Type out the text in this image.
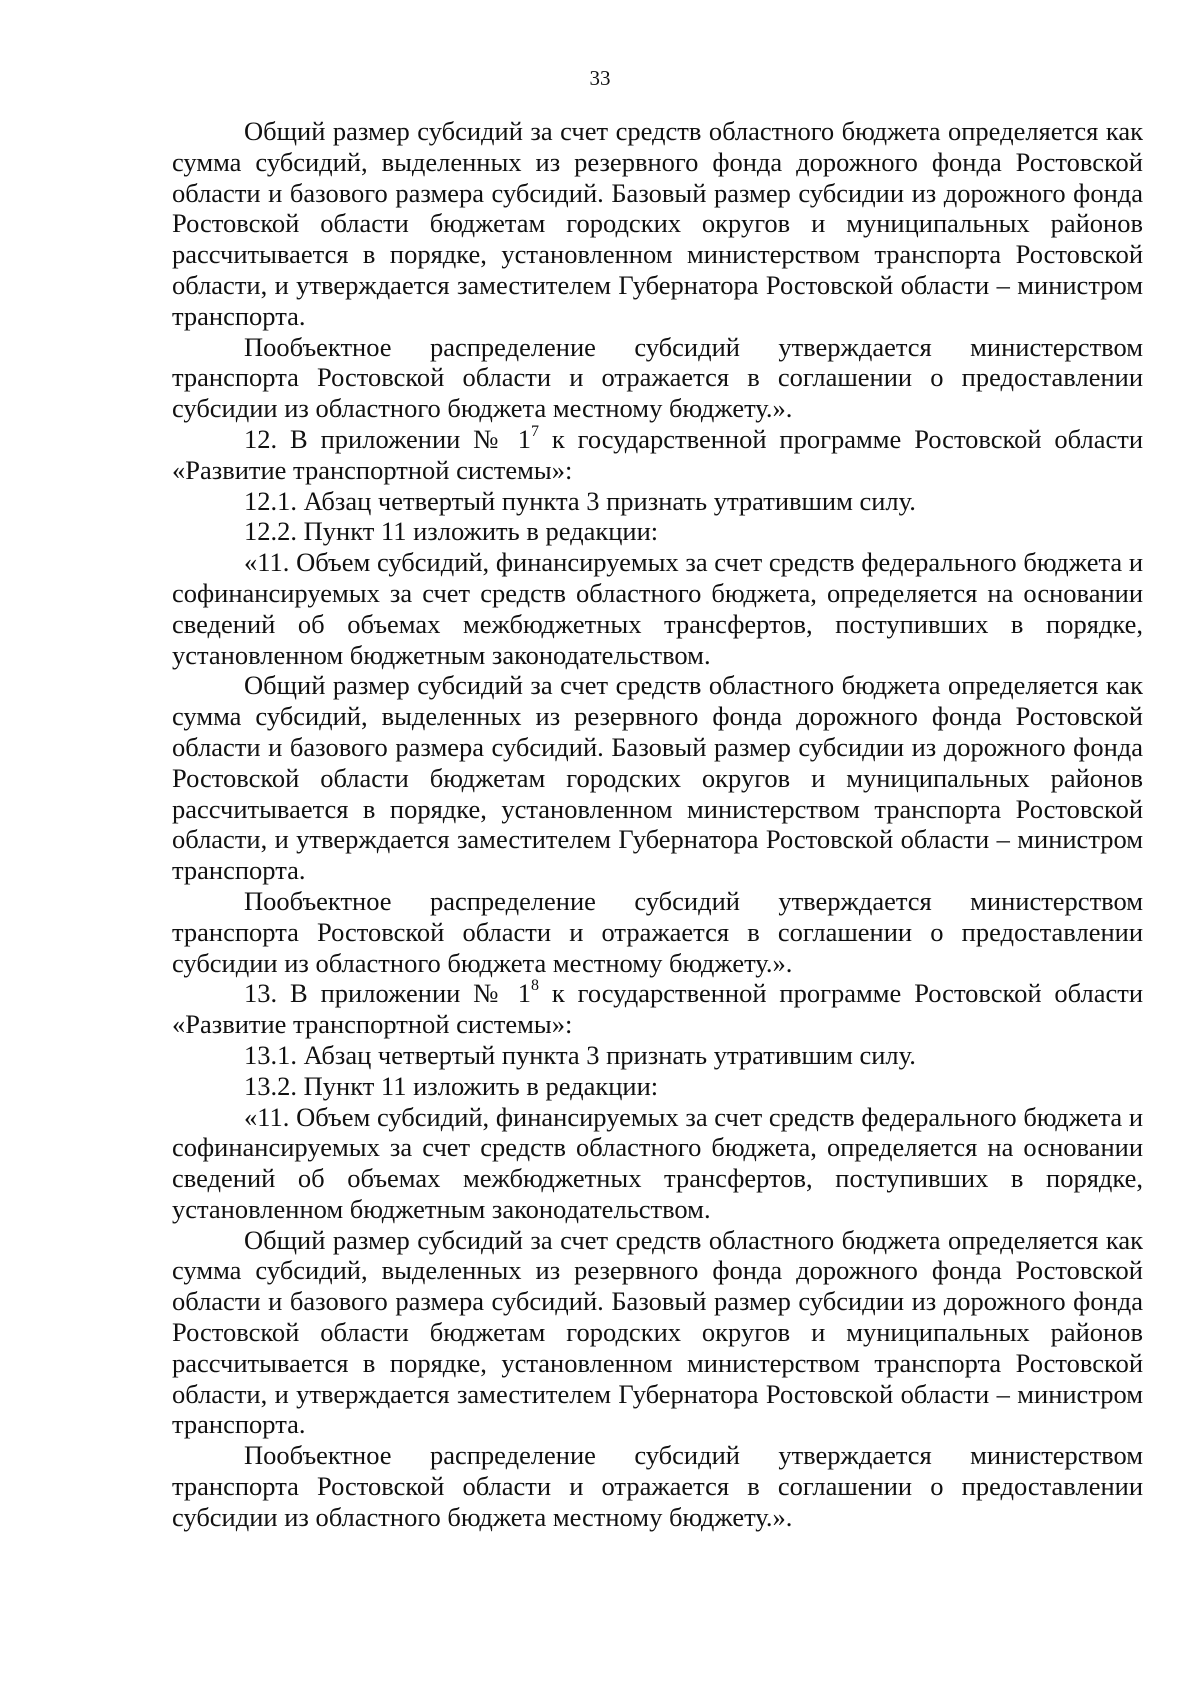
33

Общий размер субсидий за счет средств областного бюджета определяется как сумма субсидий, выделенных из резервного фонда дорожного фонда Ростовской области и базового размера субсидий. Базовый размер субсидии из дорожного фонда Ростовской области бюджетам городских округов и муниципальных районов рассчитывается в порядке, установленном министерством транспорта Ростовской области, и утверждается заместителем Губернатора Ростовской области – министром транспорта.

Пообъектное распределение субсидий утверждается министерством транспорта Ростовской области и отражается в соглашении о предоставлении субсидии из областного бюджета местному бюджету.».

12. В приложении № $1^7$ к государственной программе Ростовской области «Развитие транспортной системы»:

12.1. Абзац четвертый пункта 3 признать утратившим силу.

12.2. Пункт 11 изложить в редакции:

«11. Объем субсидий, финансируемых за счет средств федерального бюджета и софинансируемых за счет средств областного бюджета, определяется на основании сведений об объемах межбюджетных трансфертов, поступивших в порядке, установленном бюджетным законодательством.

Общий размер субсидий за счет средств областного бюджета определяется как сумма субсидий, выделенных из резервного фонда дорожного фонда Ростовской области и базового размера субсидий. Базовый размер субсидии из дорожного фонда Ростовской области бюджетам городских округов и муниципальных районов рассчитывается в порядке, установленном министерством транспорта Ростовской области, и утверждается заместителем Губернатора Ростовской области – министром транспорта.

Пообъектное распределение субсидий утверждается министерством транспорта Ростовской области и отражается в соглашении о предоставлении субсидии из областного бюджета местному бюджету.».

13. В приложении № $1^8$ к государственной программе Ростовской области «Развитие транспортной системы»:

13.1. Абзац четвертый пункта 3 признать утратившим силу.

13.2. Пункт 11 изложить в редакции:

«11. Объем субсидий, финансируемых за счет средств федерального бюджета и софинансируемых за счет средств областного бюджета, определяется на основании сведений об объемах межбюджетных трансфертов, поступивших в порядке, установленном бюджетным законодательством.

Общий размер субсидий за счет средств областного бюджета определяется как сумма субсидий, выделенных из резервного фонда дорожного фонда Ростовской области и базового размера субсидий. Базовый размер субсидии из дорожного фонда Ростовской области бюджетам городских округов и муниципальных районов рассчитывается в порядке, установленном министерством транспорта Ростовской области, и утверждается заместителем Губернатора Ростовской области – министром транспорта.

Пообъектное распределение субсидий утверждается министерством транспорта Ростовской области и отражается в соглашении о предоставлении субсидии из областного бюджета местному бюджету.».
